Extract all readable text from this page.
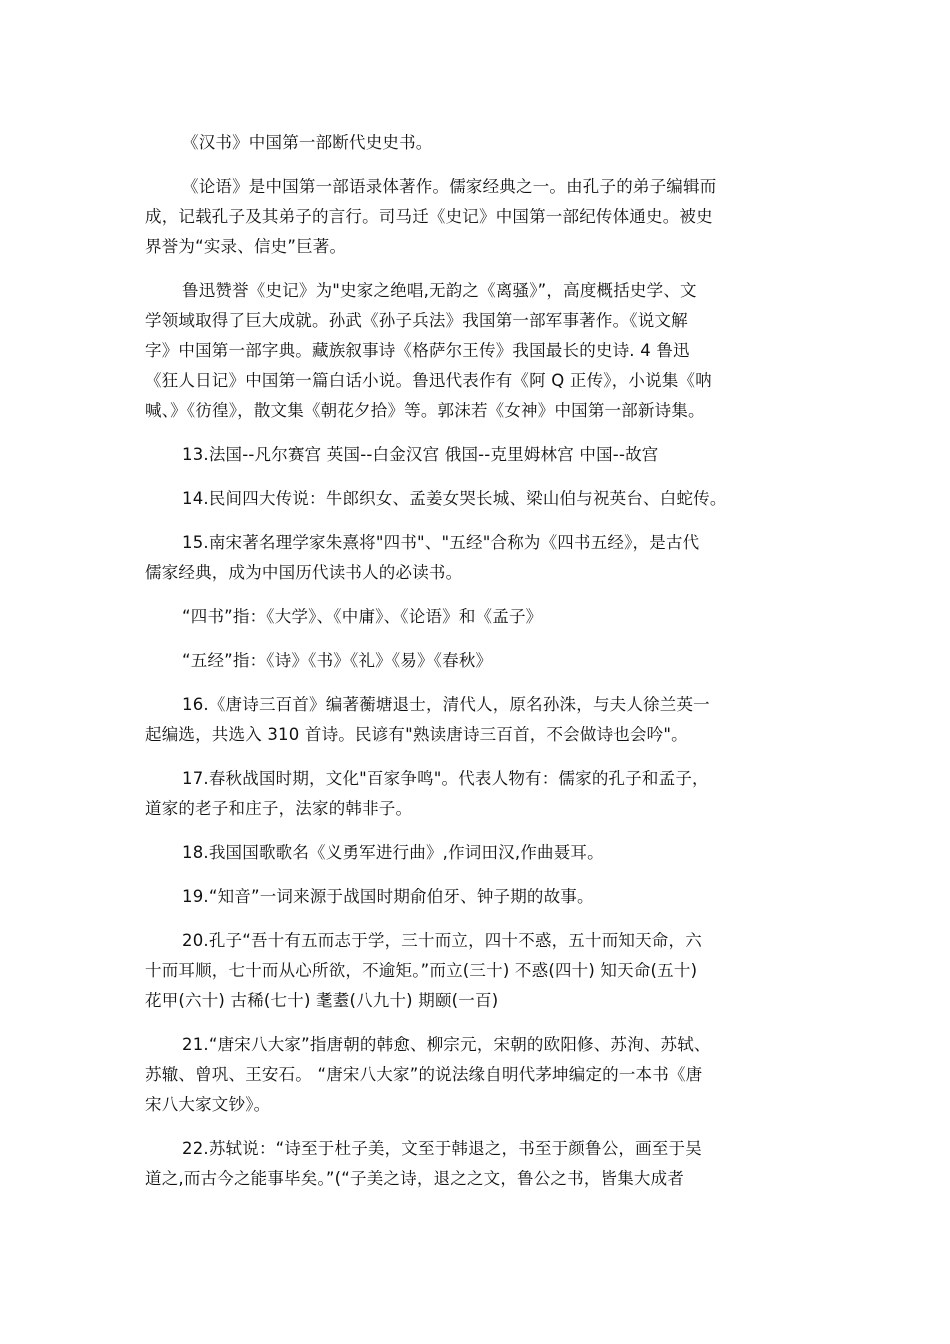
《汉书》中国第一部断代史史书。

《论语》是中国第一部语录体著作。儒家经典之一。由孔子的弟子编辑而
成，记载孔子及其弟子的言行。司马迁《史记》中国第一部纪传体通史。被史
界誉为“实录、信史”巨著。

鲁迅赞誉《史记》为"史家之绝唱,无韵之《离骚》”，高度概括史学、文
学领域取得了巨大成就。孙武《孙子兵法》我国第一部军事著作。《说文解
字》中国第一部字典。藏族叙事诗《格萨尔王传》我国最长的史诗. 4 鲁迅
《狂人日记》中国第一篇白话小说。鲁迅代表作有《阿 Q 正传》，小说集《呐
喊、》《彷徨》，散文集《朝花夕拾》等。郭沫若《女神》中国第一部新诗集。

13.法国--凡尔赛宫 英国--白金汉宫 俄国--克里姆林宫 中国--故宫

14.民间四大传说：牛郎织女、孟姜女哭长城、梁山伯与祝英台、白蛇传。

15.南宋著名理学家朱熹将"四书"、"五经"合称为《四书五经》，是古代
儒家经典，成为中国历代读书人的必读书。

“四书”指：《大学》、《中庸》、《论语》和《孟子》

“五经”指：《诗》《书》《礼》《易》《春秋》

16.《唐诗三百首》编著蘅塘退士，清代人，原名孙洙，与夫人徐兰英一
起编选，共选入 310 首诗。民谚有"熟读唐诗三百首，不会做诗也会吟"。

17.春秋战国时期，文化"百家争鸣"。代表人物有：儒家的孔子和孟子，
道家的老子和庄子，法家的韩非子。

18.我国国歌歌名《义勇军进行曲》,作词田汉,作曲聂耳。

19.“知音”一词来源于战国时期俞伯牙、钟子期的故事。

20.孔子“吾十有五而志于学，三十而立，四十不惑，五十而知天命，六
十而耳顺，七十而从心所欲，不逾矩。”而立(三十) 不惑(四十) 知天命(五十)
花甲(六十) 古稀(七十) 耄耋(八九十) 期颐(一百)

21.“唐宋八大家”指唐朝的韩愈、柳宗元，宋朝的欧阳修、苏洵、苏轼、
苏辙、曾巩、王安石。 “唐宋八大家”的说法缘自明代茅坤编定的一本书《唐
宋八大家文钞》。

22.苏轼说：“诗至于杜子美，文至于韩退之，书至于颜鲁公，画至于吴
道之,而古今之能事毕矣。”(“子美之诗，退之之文，鲁公之书，皆集大成者
